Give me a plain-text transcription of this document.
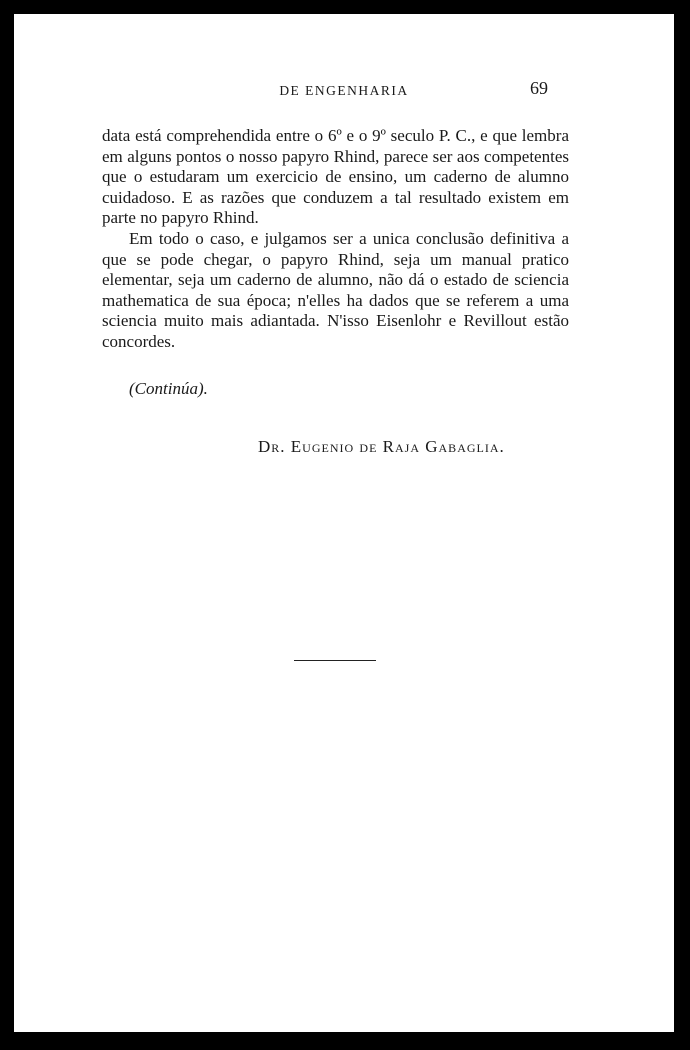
DE ENGENHARIA	69

data está comprehendida entre o 6º e o 9º seculo P. C., e que lembra em alguns pontos o nosso papyro Rhind, parece ser aos competentes que o estudaram um exercicio de ensino, um caderno de alumno cuidadoso. E as razões que conduzem a tal resultado existem em parte no papyro Rhind.

Em todo o caso, e julgamos ser a unica conclusão definitiva a que se pode chegar, o papyro Rhind, seja um manual pratico elementar, seja um caderno de alumno, não dá o estado de sciencia mathematica de sua época; n'elles ha dados que se referem a uma sciencia muito mais adiantada. N'isso Eisenlohr e Revillout estão concordes.

(Continúa).
Dr. Eugenio de Raja Gabaglia.
